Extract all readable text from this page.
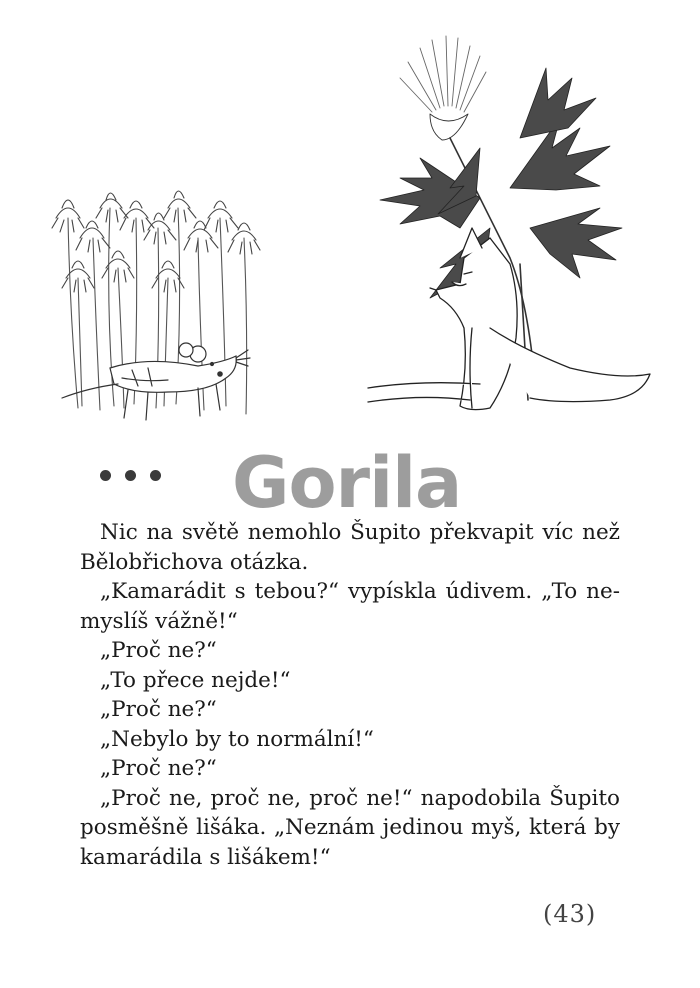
Gorila
Nic na světě nemohlo Šupito překvapit víc než
Bělobřichova otázka.
„Kamarádit s tebou?“ vypískla údivem. „To ne-
myslíš vážně!“
„Proč ne?“
„To přece nejde!“
„Proč ne?“
„Nebylo by to normální!“
„Proč ne?“
„Proč ne, proč ne, proč ne!“ napodobila Šupito
posměšně lišáka. „Neznám jedinou myš, která by
kamarádila s lišákem!“
(43)
